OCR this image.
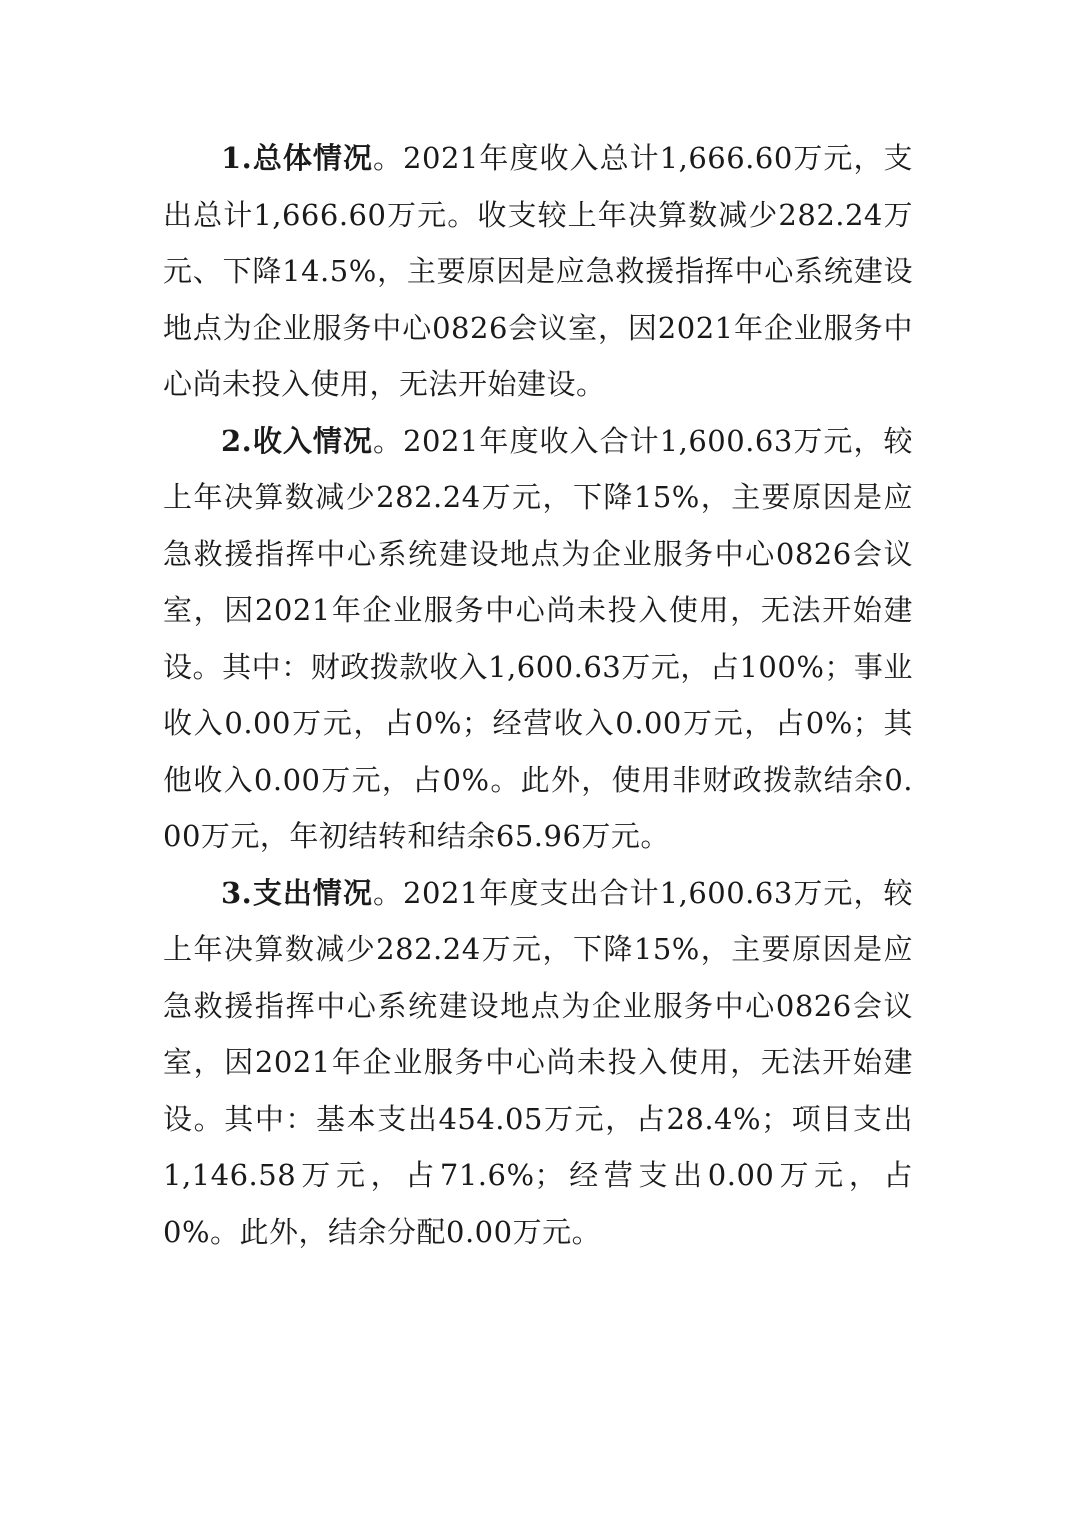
1.总体情况。2021年度收入总计1,666.60万元，支出总计1,666.60万元。收支较上年决算数减少282.24万元、下降14.5%，主要原因是应急救援指挥中心系统建设地点为企业服务中心0826会议室，因2021年企业服务中心尚未投入使用，无法开始建设。

2.收入情况。2021年度收入合计1,600.63万元，较上年决算数减少282.24万元，下降15%，主要原因是应急救援指挥中心系统建设地点为企业服务中心0826会议室，因2021年企业服务中心尚未投入使用，无法开始建设。其中：财政拨款收入1,600.63万元，占100%；事业收入0.00万元，占0%；经营收入0.00万元，占0%；其他收入0.00万元，占0%。此外，使用非财政拨款结余0.00万元，年初结转和结余65.96万元。

3.支出情况。2021年度支出合计1,600.63万元，较上年决算数减少282.24万元，下降15%，主要原因是应急救援指挥中心系统建设地点为企业服务中心0826会议室，因2021年企业服务中心尚未投入使用，无法开始建设。其中：基本支出454.05万元，占28.4%；项目支出1,146.58万元，占71.6%；经营支出0.00万元，占0%。此外，结余分配0.00万元。
